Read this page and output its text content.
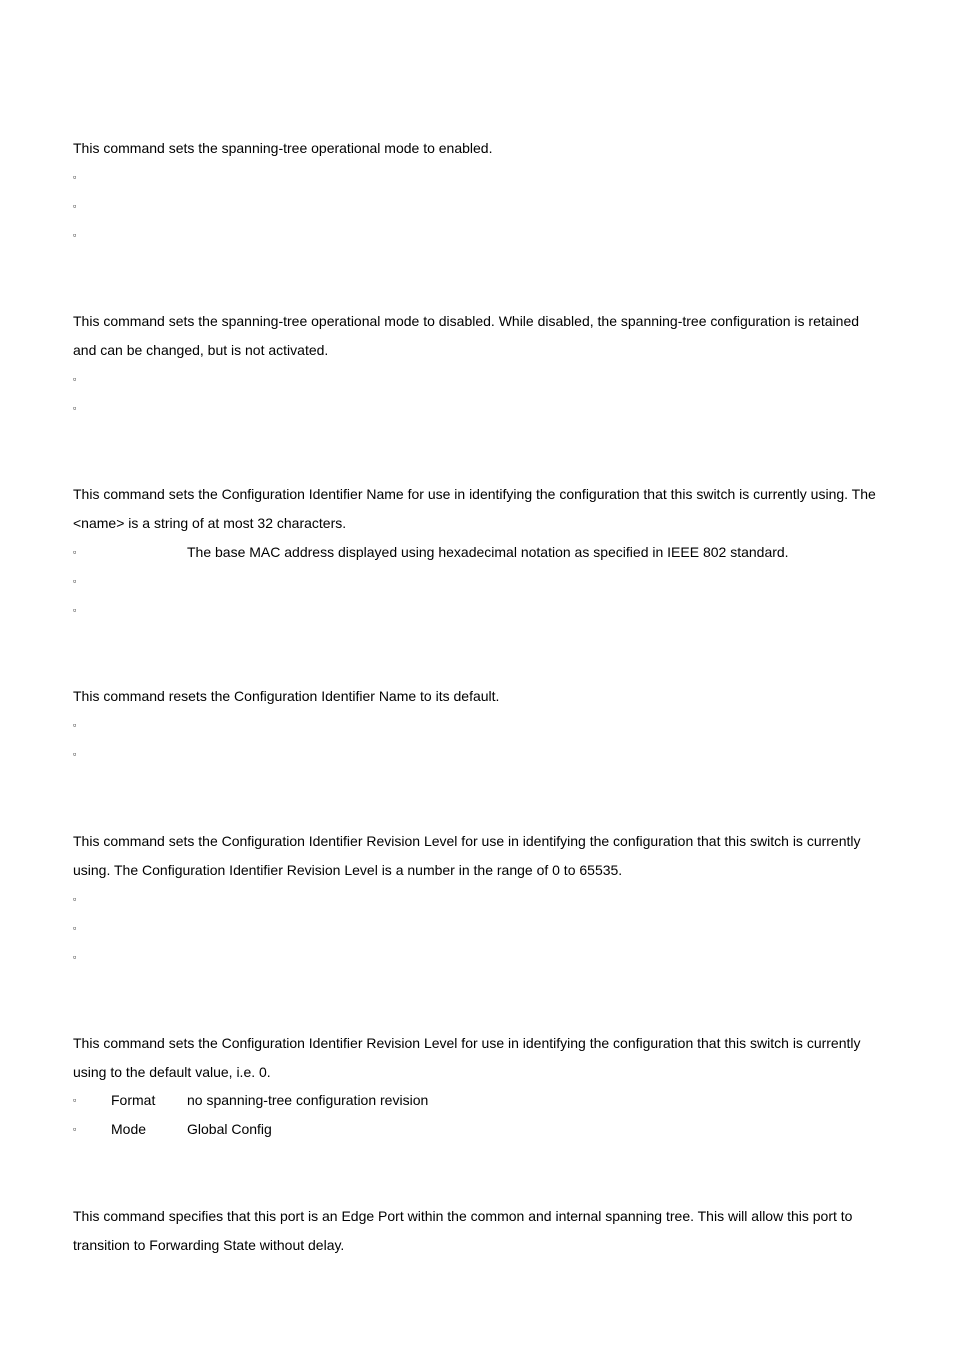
This command sets the spanning-tree operational mode to enabled.

▫
▫
▫

This command sets the spanning-tree operational mode to disabled. While disabled, the spanning-tree configuration is retained and can be changed, but is not activated.

▫
▫

This command sets the Configuration Identifier Name for use in identifying the configuration that this switch is currently using. The <name> is a string of at most 32 characters.

▫	The base MAC address displayed using hexadecimal notation as specified in IEEE 802 standard.
▫
▫

This command resets the Configuration Identifier Name to its default.

▫
▫

This command sets the Configuration Identifier Revision Level for use in identifying the configuration that this switch is currently using. The Configuration Identifier Revision Level is a number in the range of 0 to 65535.

▫
▫
▫

This command sets the Configuration Identifier Revision Level for use in identifying the configuration that this switch is currently using to the default value, i.e. 0.

▫ Format no spanning-tree configuration revision
▫ Mode	Global Config

This command specifies that this port is an Edge Port within the common and internal spanning tree. This will allow this port to transition to Forwarding State without delay.
